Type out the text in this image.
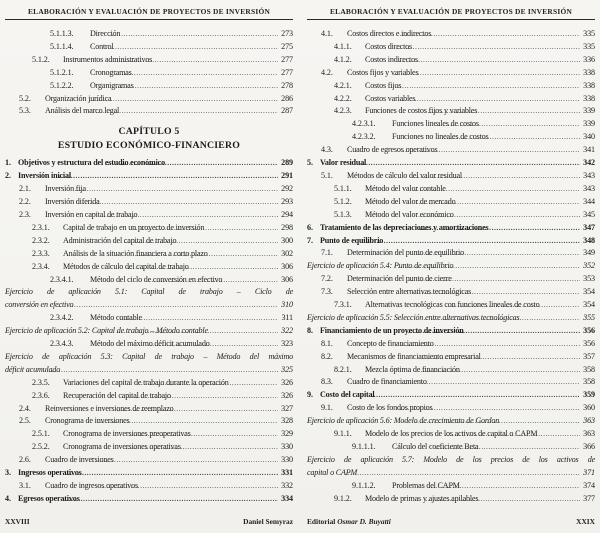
ELABORACIÓN Y EVALUACIÓN DE PROYECTOS DE INVERSIÓN
5.1.1.3.	Dirección .....	273
5.1.1.4.	Control .....	275
5.1.2.	Instrumentos administrativos .....	277
5.1.2.1.	Cronogramas .....	277
5.1.2.2.	Organigramas .....	278
5.2.	Organización jurídica .....	286
5.3.	Análisis del marco legal .....	287
CAPÍTULO 5
ESTUDIO ECONÓMICO-FINANCIERO
1. Objetivos y estructura del estudio económico .....	289
2. Inversión inicial .....	291
2.1.	Inversión fija .....	292
2.2.	Inversión diferida .....	293
2.3.	Inversión en capital de trabajo .....	294
2.3.1.	Capital de trabajo en un proyecto de inversión .....	298
2.3.2.	Administración del capital de trabajo .....	300
2.3.3.	Análisis de la situación financiera a corto plazo .....	302
2.3.4.	Métodos de cálculo del capital de trabajo .....	306
2.3.4.1.	Método del ciclo de conversión en efectivo .....	306
Ejercicio de aplicación 5.1: Capital de trabajo – Ciclo de
conversión en efectivo .....	310
2.3.4.2.	Método contable .....	311
Ejercicio de aplicación 5.2: Capital de trabajo – Método contable .....	322
2.3.4.3.	Método del máximo déficit acumulado .....	323
Ejercicio de aplicación 5.3: Capital de trabajo – Método del máximo
déficit acumulado .....	325
2.3.5.	Variaciones del capital de trabajo durante la operación .....	326
2.3.6.	Recuperación del capital de trabajo .....	326
2.4.	Reinversiones e inversiones de reemplazo .....	327
2.5.	Cronograma de inversiones .....	328
2.5.1.	Cronograma de inversiones preoperativas .....	329
2.5.2.	Cronograma de inversiones operativas .....	330
2.6.	Cuadro de inversiones .....	330
3. Ingresos operativos .....	331
3.1.	Cuadro de ingresos operativos .....	332
4. Egresos operativos .....	334
XXVIII	Daniel Semyraz
ELABORACIÓN Y EVALUACIÓN DE PROYECTOS DE INVERSIÓN
4.1.	Costos directos e indirectos .....	335
4.1.1.	Costos directos .....	335
4.1.2.	Costos indirectos .....	336
4.2.	Costos fijos y variables .....	338
4.2.1.	Costos fijos .....	338
4.2.2.	Costos variables .....	338
4.2.3.	Funciones de costos fijos y variables .....	339
4.2.3.1.	Funciones lineales de costos .....	339
4.2.3.2.	Funciones no lineales de costos .....	340
4.3.	Cuadro de egresos operativos .....	341
5. Valor residual .....	342
5.1.	Métodos de cálculo del valor residual .....	343
5.1.1.	Método del valor contable .....	343
5.1.2.	Método del valor de mercado .....	344
5.1.3.	Método del valor económico .....	345
6. Tratamiento de las depreciaciones y amortizaciones .....	347
7. Punto de equilibrio .....	348
7.1.	Determinación del punto de equilibrio .....	349
Ejercicio de aplicación 5.4: Punto de equilibrio .....	352
7.2.	Determinación del punto de cierre .....	353
7.3.	Selección entre alternativas tecnológicas .....	354
7.3.1.	Alternativas tecnológicas con funciones lineales de costo .....	354
Ejercicio de aplicación 5.5: Selección entre alternativas tecnológicas .....	355
8. Financiamiento de un proyecto de inversión .....	356
8.1.	Concepto de financiamiento .....	356
8.2.	Mecanismos de financiamiento empresarial .....	357
8.2.1.	Mezcla óptima de financiación .....	358
8.3.	Cuadro de financiamiento .....	358
9. Costo del capital .....	359
9.1.	Costo de los fondos propios .....	360
Ejercicio de aplicación 5.6: Modelo de crecimiento de Gordon .....	363
9.1.1.	Modelo de los precios de los activos de capital o CAPM .....	363
9.1.1.1.	Cálculo del coeficiente Beta .....	366
Ejercicio de aplicación 5.7: Modelo de los precios de los activos de
capital o CAPM .....	371
9.1.1.2.	Problemas del CAPM .....	374
9.1.2.	Modelo de primas y ajustes apilables .....	377
Editorial Osmar D. Buyatti	XXIX
